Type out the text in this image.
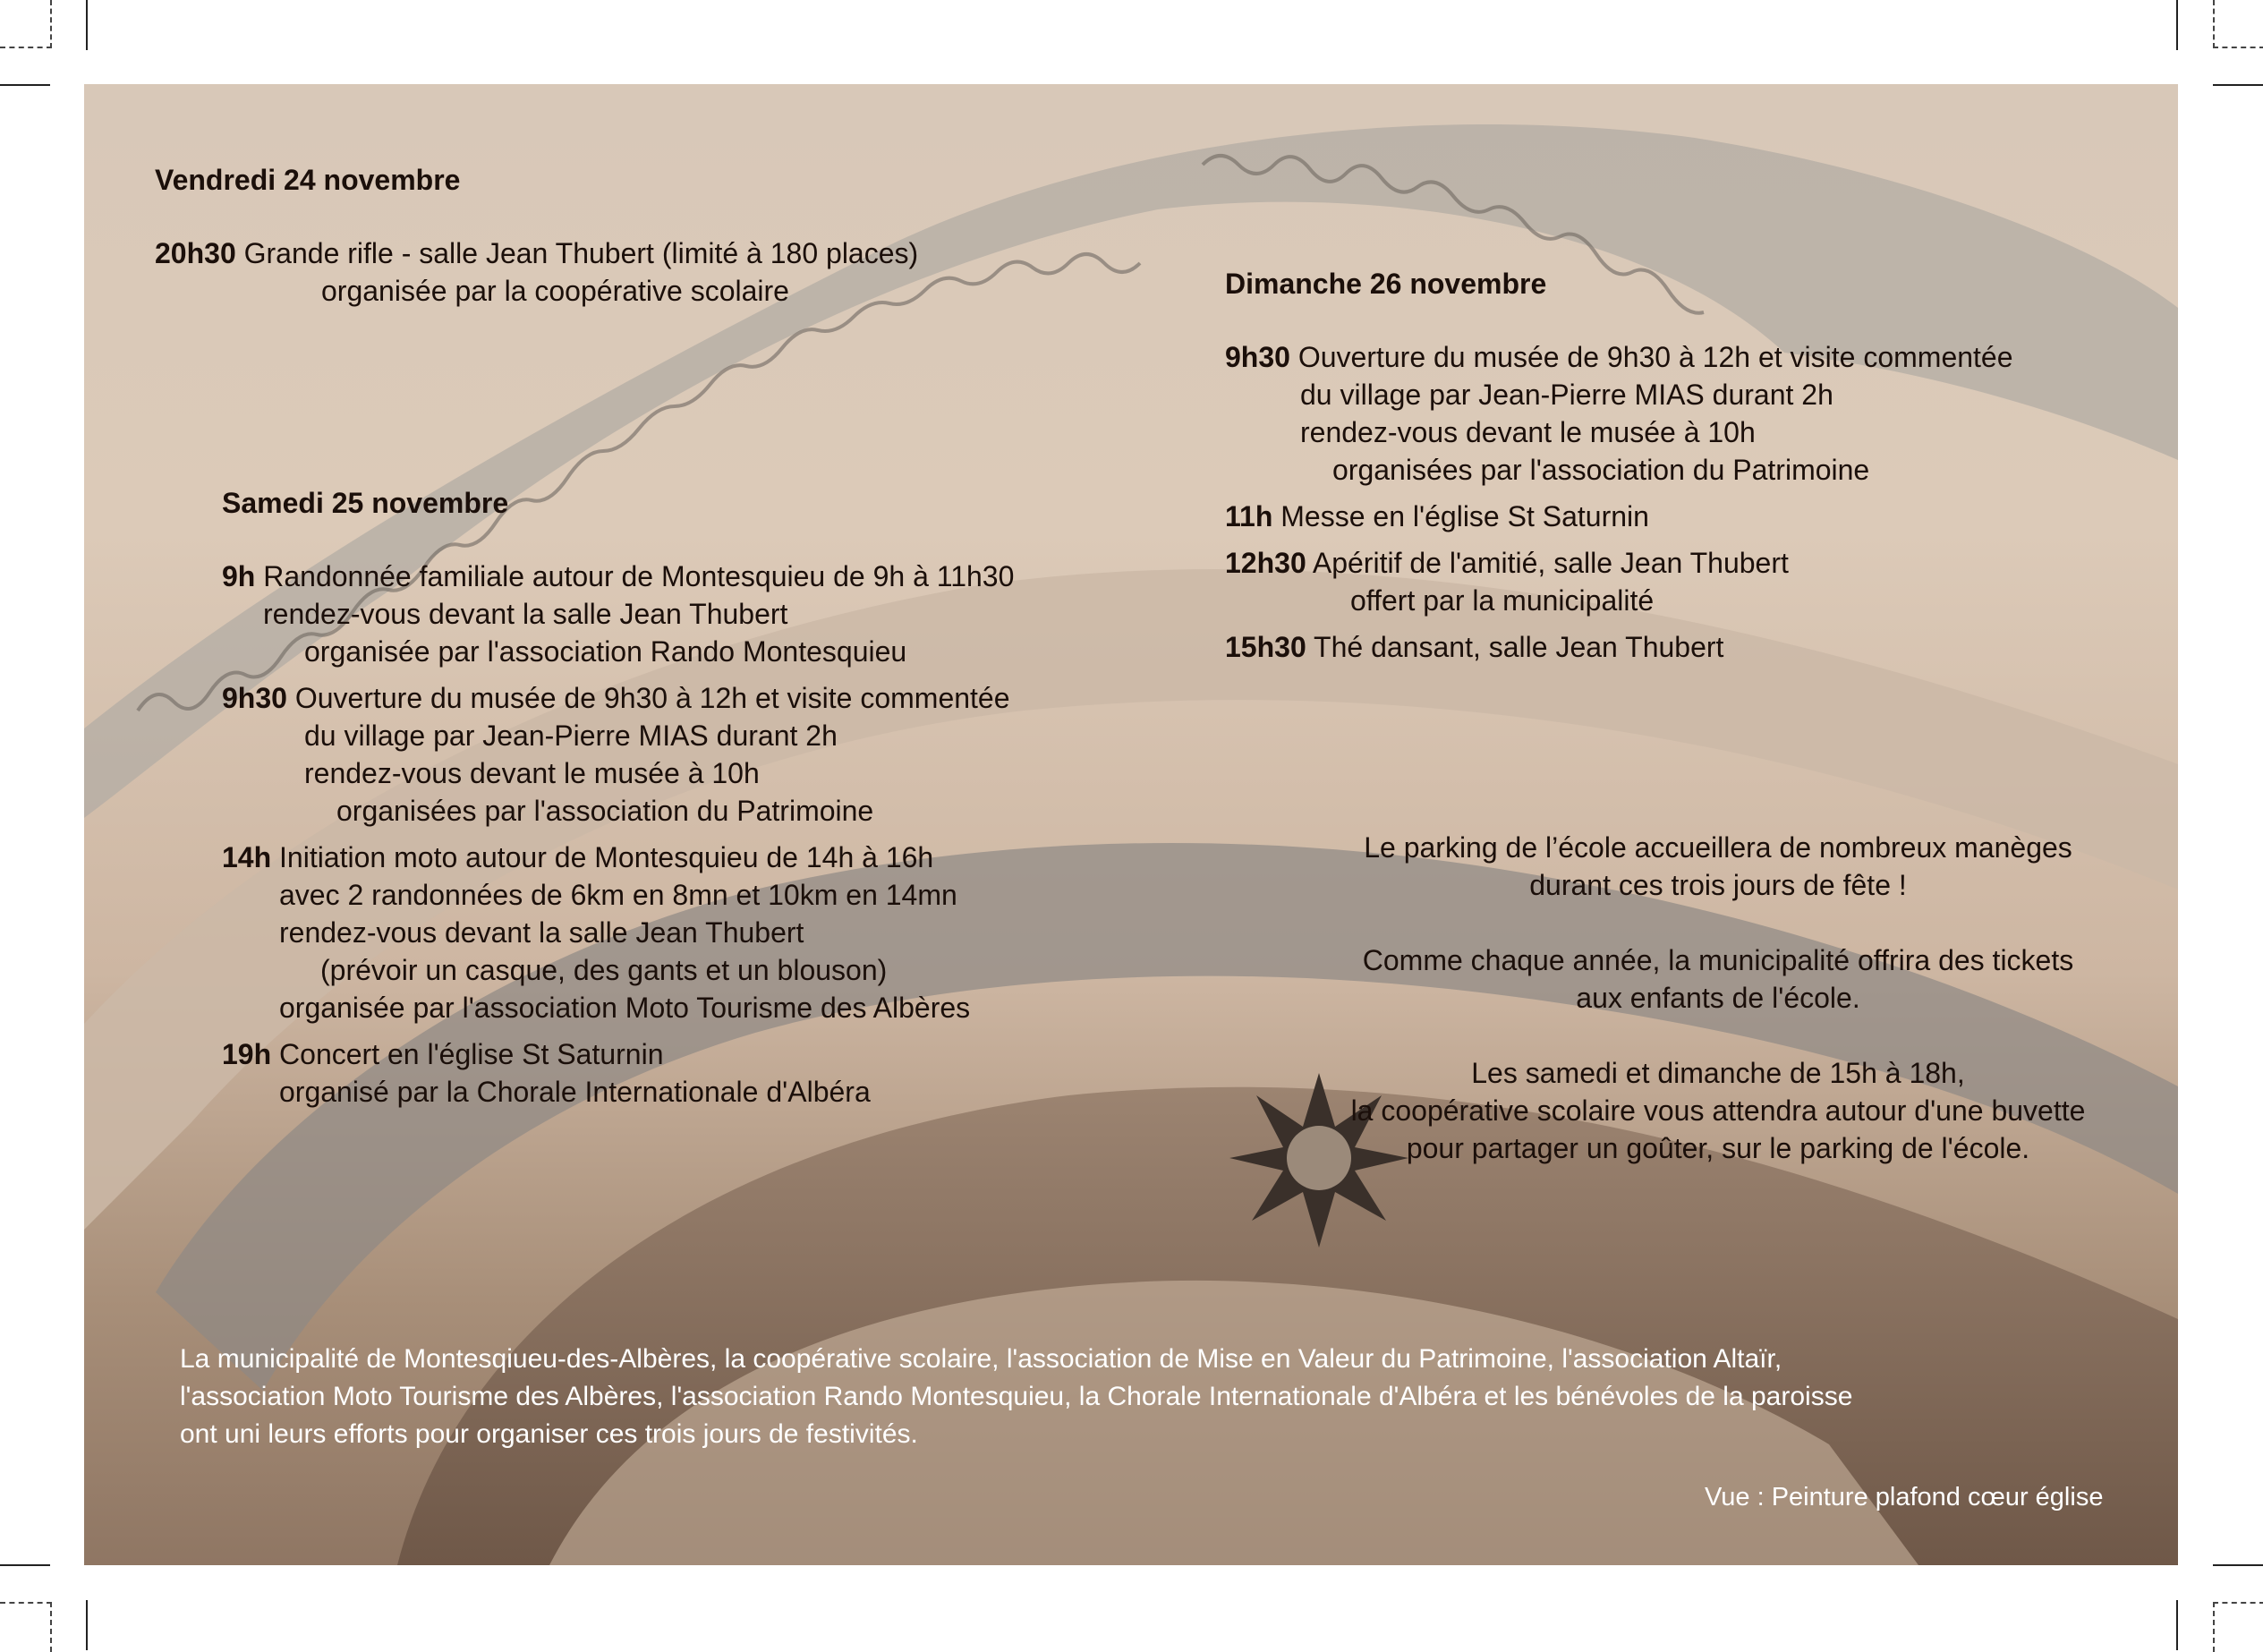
Vendredi 24 novembre
20h30 Grande rifle - salle Jean Thubert (limité à 180 places)
organisée par la coopérative scolaire
Samedi 25 novembre
9h Randonnée familiale autour de Montesquieu de 9h à 11h30
rendez-vous devant la salle Jean Thubert
organisée par l'association Rando Montesquieu
9h30 Ouverture du musée de 9h30 à 12h et visite commentée
du village par Jean-Pierre MIAS durant 2h
rendez-vous devant le musée à 10h
organisées par l'association du Patrimoine
14h Initiation moto autour de Montesquieu de 14h à 16h
avec 2 randonnées de 6km en 8mn et 10km en 14mn
rendez-vous devant la salle Jean Thubert
(prévoir un casque, des gants et un blouson)
organisée par l'association Moto Tourisme des Albères
19h Concert en l'église St Saturnin
organisé par la Chorale Internationale d'Albéra
Dimanche 26 novembre
9h30 Ouverture du musée de 9h30 à 12h et visite commentée
du village par Jean-Pierre MIAS durant 2h
rendez-vous devant le musée à 10h
organisées par l'association du Patrimoine
11h Messe en l'église St Saturnin
12h30 Apéritif de l'amitié, salle Jean Thubert
offert par la municipalité
15h30 Thé dansant, salle Jean Thubert
Le parking de l’école accueillera de nombreux manèges
durant ces trois jours de fête !
Comme chaque année, la municipalité offrira des tickets
aux enfants de l'école.
Les samedi et dimanche de 15h à 18h,
la coopérative scolaire vous attendra autour d'une buvette
pour partager un goûter, sur le parking de l'école.
La municipalité de Montesqiueu-des-Albères, la coopérative scolaire, l'association de Mise en Valeur du Patrimoine, l'association Altaïr,
l'association Moto Tourisme des Albères, l'association Rando Montesquieu, la Chorale Internationale d'Albéra et les bénévoles de la paroisse
ont uni leurs efforts pour organiser ces trois jours de festivités.
Vue : Peinture plafond cœur église
